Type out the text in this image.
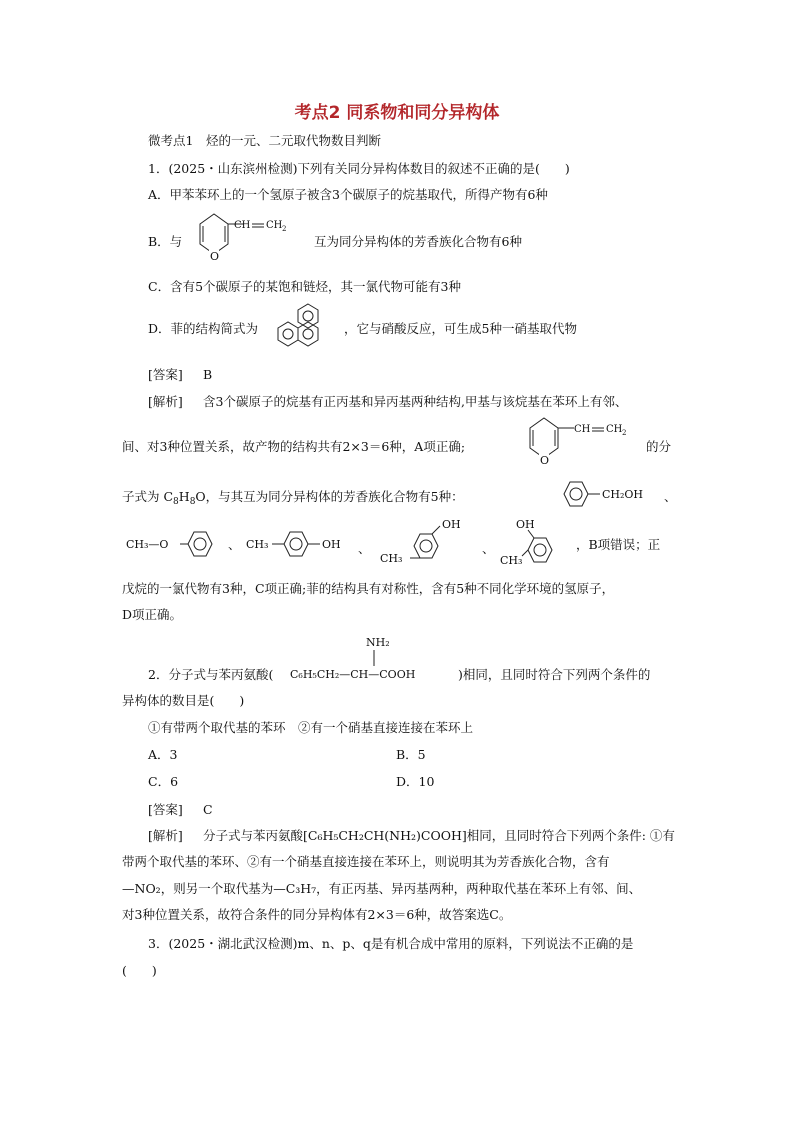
考点2 同系物和同分异构体
微考点1　烃的一元、二元取代物数目判断
1．(2025・山东滨州检测)下列有关同分异构体数目的叙述不正确的是(　　)
A．甲苯苯环上的一个氢原子被含3个碳原子的烷基取代，所得产物有6种
B．与
O
CH CH 2
互为同分异构体的芳香族化合物有6种
C．含有5个碳原子的某饱和链烃，其一氯代物可能有3种
D．菲的结构简式为	，它与硝酸反应，可生成5种一硝基取代物
[答案] B
[解析] 含3个碳原子的烷基有正丙基和异丙基两种结构,甲基与该烷基在苯环上有邻、
间、对3种位置关系，故产物的结构共有2×3＝6种，A项正确;
O
CH CH 2
的分
子式为 $C_8H_8O$，与其互为同分异构体的芳香族化合物有5种：	CH₂OH 、
CH₃—O	、 CH₃	OH 、
OH
CH₃
、
OH
CH₃
，B项错误；正
戊烷的一氯代物有3种，C项正确;菲的结构具有对称性，含有5种不同化学环境的氢原子，
D项正确。
2．分子式与苯丙氨酸(
NH₂
C₆H₅CH₂—CH—COOH	)相同，且同时符合下列两个条件的
异构体的数目是(　　)
①有带两个取代基的苯环　②有一个硝基直接连接在苯环上
A．3	B．5
C．6	D．10
[答案] C
[解析] 分子式与苯丙氨酸[C₆H₅CH₂CH(NH₂)COOH]相同，且同时符合下列两个条件: ①有
带两个取代基的苯环、②有一个硝基直接连接在苯环上，则说明其为芳香族化合物，含有
—NO₂，则另一个取代基为—C₃H₇，有正丙基、异丙基两种，两种取代基在苯环上有邻、间、
对3种位置关系，故符合条件的同分异构体有2×3＝6种，故答案选C。
3．(2025・湖北武汉检测)m、n、p、q是有机合成中常用的原料，下列说法不正确的是
(　　)
